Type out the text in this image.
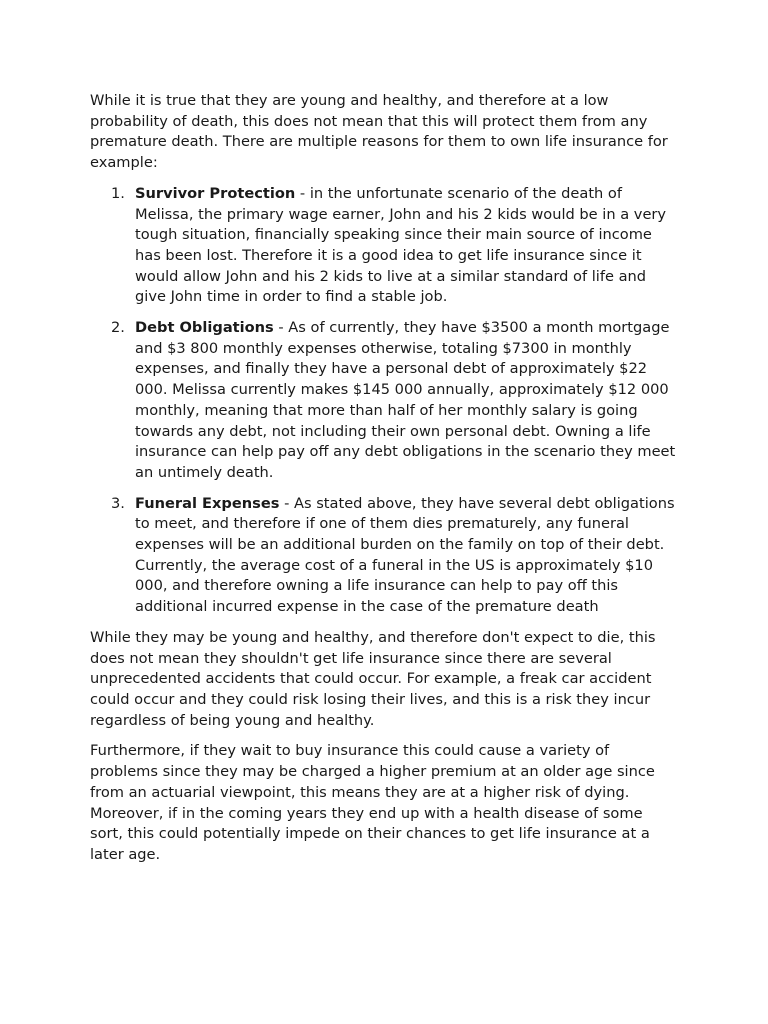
While it is true that they are young and healthy, and therefore at a low probability of death, this does not mean that this will protect them from any premature death. There are multiple reasons for them to own life insurance for example:

1. Survivor Protection - in the unfortunate scenario of the death of Melissa, the primary wage earner, John and his 2 kids would be in a very tough situation, financially speaking since their main source of income has been lost. Therefore it is a good idea to get life insurance since it would allow John and his 2 kids to live at a similar standard of life and give John time in order to find a stable job.
2. Debt Obligations - As of currently, they have $3500 a month mortgage and $3 800 monthly expenses otherwise, totaling $7300 in monthly expenses, and finally they have a personal debt of approximately $22 000. Melissa currently makes $145 000 annually, approximately $12 000 monthly, meaning that more than half of her monthly salary is going towards any debt, not including their own personal debt. Owning a life insurance can help pay off any debt obligations in the scenario they meet an untimely death.
3. Funeral Expenses - As stated above, they have several debt obligations to meet, and therefore if one of them dies prematurely, any funeral expenses will be an additional burden on the family on top of their debt. Currently, the average cost of a funeral in the US is approximately $10 000, and therefore owning a life insurance can help to pay off this additional incurred expense in the case of the premature death

While they may be young and healthy, and therefore don't expect to die, this does not mean they shouldn't get life insurance since there are several unprecedented accidents that could occur. For example, a freak car accident could occur and they could risk losing their lives, and this is a risk they incur regardless of being young and healthy.

Furthermore, if they wait to buy insurance this could cause a variety of problems since they may be charged a higher premium at an older age since from an actuarial viewpoint, this means they are at a higher risk of dying. Moreover, if in the coming years they end up with a health disease of some sort, this could potentially impede on their chances to get life insurance at a later age.
